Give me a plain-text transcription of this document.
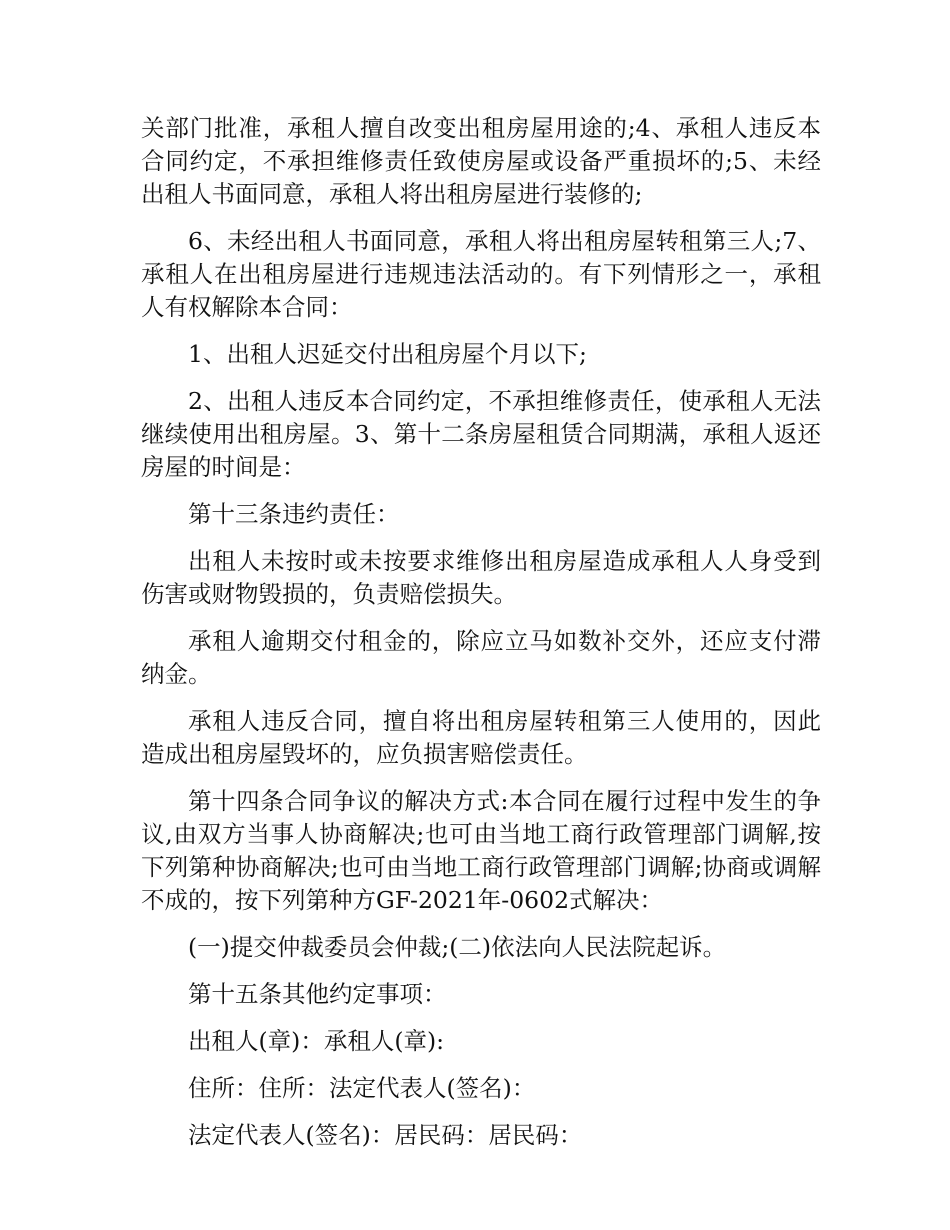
关部门批准，承租人擅自改变出租房屋用途的;4、承租人违反本合同约定，不承担维修责任致使房屋或设备严重损坏的;5、未经出租人书面同意，承租人将出租房屋进行装修的;

6、未经出租人书面同意，承租人将出租房屋转租第三人;7、承租人在出租房屋进行违规违法活动的。有下列情形之一，承租人有权解除本合同：

1、出租人迟延交付出租房屋个月以下;

2、出租人违反本合同约定，不承担维修责任，使承租人无法继续使用出租房屋。3、第十二条房屋租赁合同期满，承租人返还房屋的时间是：

第十三条违约责任：

出租人未按时或未按要求维修出租房屋造成承租人人身受到伤害或财物毁损的，负责赔偿损失。

承租人逾期交付租金的，除应立马如数补交外，还应支付滞纳金。

承租人违反合同，擅自将出租房屋转租第三人使用的，因此造成出租房屋毁坏的，应负损害赔偿责任。

第十四条合同争议的解决方式:本合同在履行过程中发生的争议,由双方当事人协商解决;也可由当地工商行政管理部门调解,按下列第种协商解决;也可由当地工商行政管理部门调解;协商或调解不成的，按下列第种方GF-2021年-0602式解决：

(一)提交仲裁委员会仲裁;(二)依法向人民法院起诉。

第十五条其他约定事项：

出租人(章)：承租人(章):

住所：住所：法定代表人(签名)：

法定代表人(签名)：居民码：居民码：
